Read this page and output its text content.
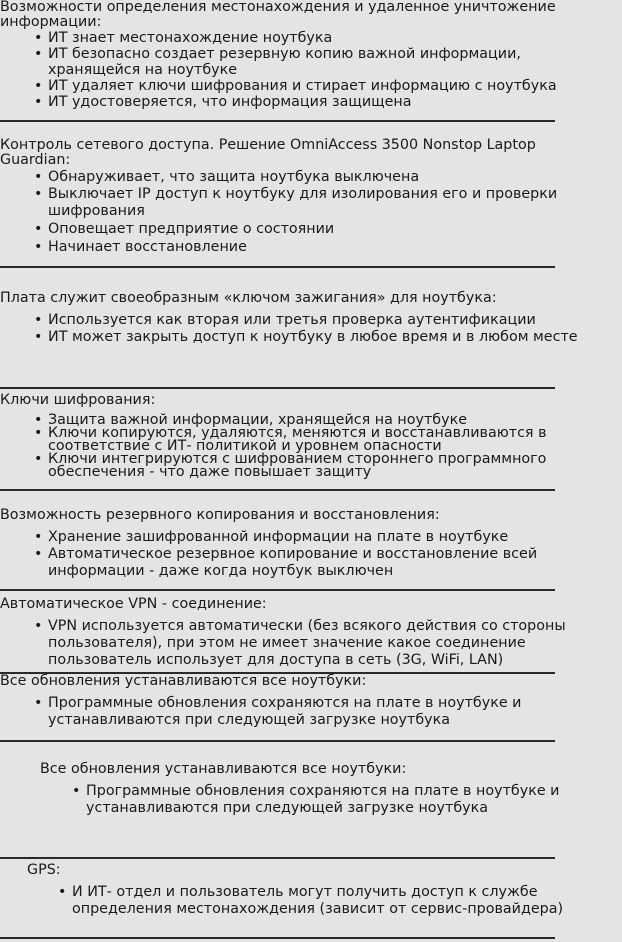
Возможности определения местонахождения и удаленное уничтожение информации:

• ИТ знает местонахождение ноутбука
• ИТ безопасно создает резервную копию важной информации, хранящейся на ноутбуке
• ИТ удаляет ключи шифрования и стирает информацию с ноутбука
• ИТ удостоверяется, что информация защищена

Контроль сетевого доступа. Решение OmniAccess 3500 Nonstop Laptop Guardian:

• Обнаруживает, что защита ноутбука выключена
• Выключает IP доступ к ноутбуку для изолирования его и проверки шифрования
• Оповещает предприятие о состоянии
• Начинает восстановление

Плата служит своеобразным «ключом зажигания» для ноутбука:

• Используется как вторая или третья проверка аутентификации
• ИТ может закрыть доступ к ноутбуку в любое время и в любом месте

Ключи шифрования:

• Защита важной информации, хранящейся на ноутбуке
• Ключи копируются, удаляются, меняются и восстанавливаются в соответствие с ИТ- политикой и уровнем опасности
• Ключи интегрируются с шифрованием стороннего программного обеспечения - что даже повышает защиту

Возможность резервного копирования и восстановления:

• Хранение зашифрованной информации на плате в ноутбуке
• Автоматическое резервное копирование и восстановление всей информации - даже когда ноутбук выключен

Автоматическое VPN - соединение:

• VPN используется автоматически (без всякого действия со стороны пользователя), при этом не имеет значение какое соединение пользователь использует для доступа в сеть (3G, WiFi, LAN)

Все обновления устанавливаются все ноутбуки:

• Программные обновления сохраняются на плате в ноутбуке и устанавливаются при следующей загрузке ноутбука

Все обновления устанавливаются все ноутбуки:

• Программные обновления сохраняются на плате в ноутбуке и устанавливаются при следующей загрузке ноутбука

GPS:

• И ИТ- отдел и пользователь могут получить доступ к службе определения местонахождения (зависит от сервис-провайдера)
